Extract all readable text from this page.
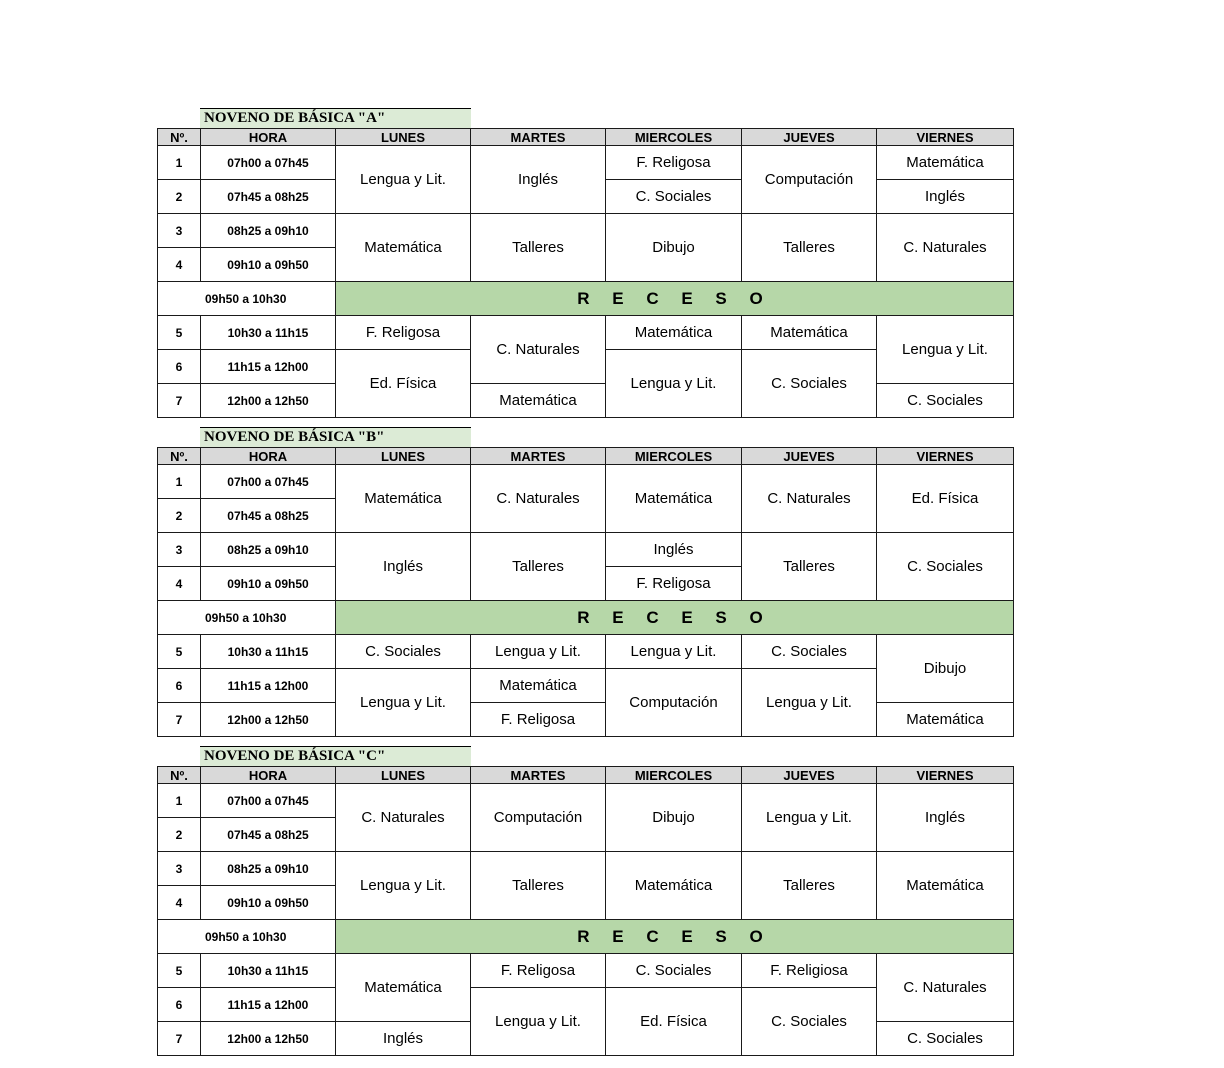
NOVENO DE BÁSICA "A"
Nº.	HORA	LUNES	MARTES	MIERCOLES	JUEVES	VIERNES
1	07h00 a 07h45	Lengua y Lit.	Inglés	F. Religosa	Computación	Matemática
2	07h45 a 08h25			C. Sociales		Inglés
3	08h25 a 09h10	Matemática	Talleres	Dibujo	Talleres	C. Naturales
4	09h10 a 09h50					
09h50 a 10h30		R E C E S O				
5	10h30 a 11h15	F. Religosa	C. Naturales	Matemática	Matemática	Lengua y Lit.
6	11h15 a 12h00	Ed. Física		Lengua y Lit.	C. Sociales	
7	12h00 a 12h50		Matemática			C. Sociales
NOVENO DE BÁSICA "B"
Nº.	HORA	LUNES	MARTES	MIERCOLES	JUEVES	VIERNES
1	07h00 a 07h45	Matemática	C. Naturales	Matemática	C. Naturales	Ed. Física
2	07h45 a 08h25					
3	08h25 a 09h10	Inglés	Talleres	Inglés	Talleres	C. Sociales
4	09h10 a 09h50			F. Religosa		
09h50 a 10h30		R E C E S O				
5	10h30 a 11h15	C. Sociales	Lengua y Lit.	Lengua y Lit.	C. Sociales	Dibujo
6	11h15 a 12h00	Lengua y Lit.	Matemática	Computación	Lengua y Lit.	
7	12h00 a 12h50		F. Religosa			Matemática
NOVENO DE BÁSICA "C"
Nº.	HORA	LUNES	MARTES	MIERCOLES	JUEVES	VIERNES
1	07h00 a 07h45	C. Naturales	Computación	Dibujo	Lengua y Lit.	Inglés
2	07h45 a 08h25					
3	08h25 a 09h10	Lengua y Lit.	Talleres	Matemática	Talleres	Matemática
4	09h10 a 09h50					
09h50 a 10h30		R E C E S O				
5	10h30 a 11h15	Matemática	F. Religosa	C. Sociales	F. Religiosa	C. Naturales
6	11h15 a 12h00		Lengua y Lit.	Ed. Física	C. Sociales	
7	12h00 a 12h50	Inglés				C. Sociales
